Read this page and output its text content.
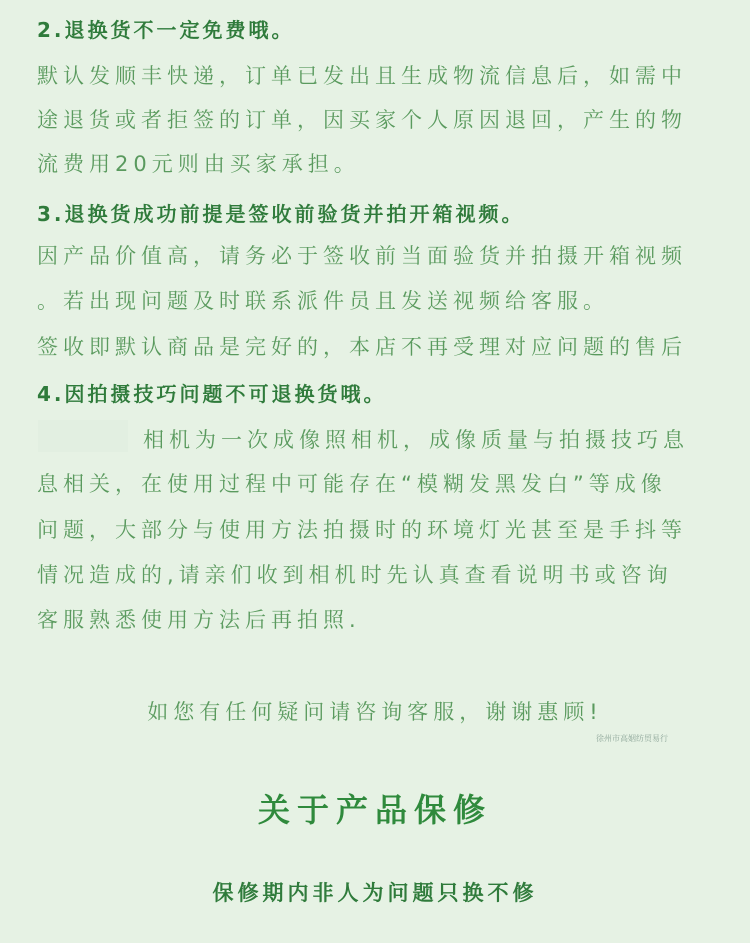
2.退换货不一定免费哦。

默认发顺丰快递，订单已发出且生成物流信息后，如需中

途退货或者拒签的订单，因买家个人原因退回，产生的物

流费用20元则由买家承担。

3.退换货成功前提是签收前验货并拍开箱视频。

因产品价值高，请务必于签收前当面验货并拍摄开箱视频

。若出现问题及时联系派件员且发送视频给客服。

签收即默认商品是完好的，本店不再受理对应问题的售后

4.因拍摄技巧问题不可退换货哦。

相机为一次成像照相机，成像质量与拍摄技巧息

息相关，在使用过程中可能存在“模糊发黑发白”等成像

问题，大部分与使用方法拍摄时的环境灯光甚至是手抖等

情况造成的,请亲们收到相机时先认真查看说明书或咨询

客服熟悉使用方法后再拍照.

如您有任何疑问请咨询客服，谢谢惠顾!

徐州市高姻纺贸易行

关于产品保修

保修期内非人为问题只换不修
